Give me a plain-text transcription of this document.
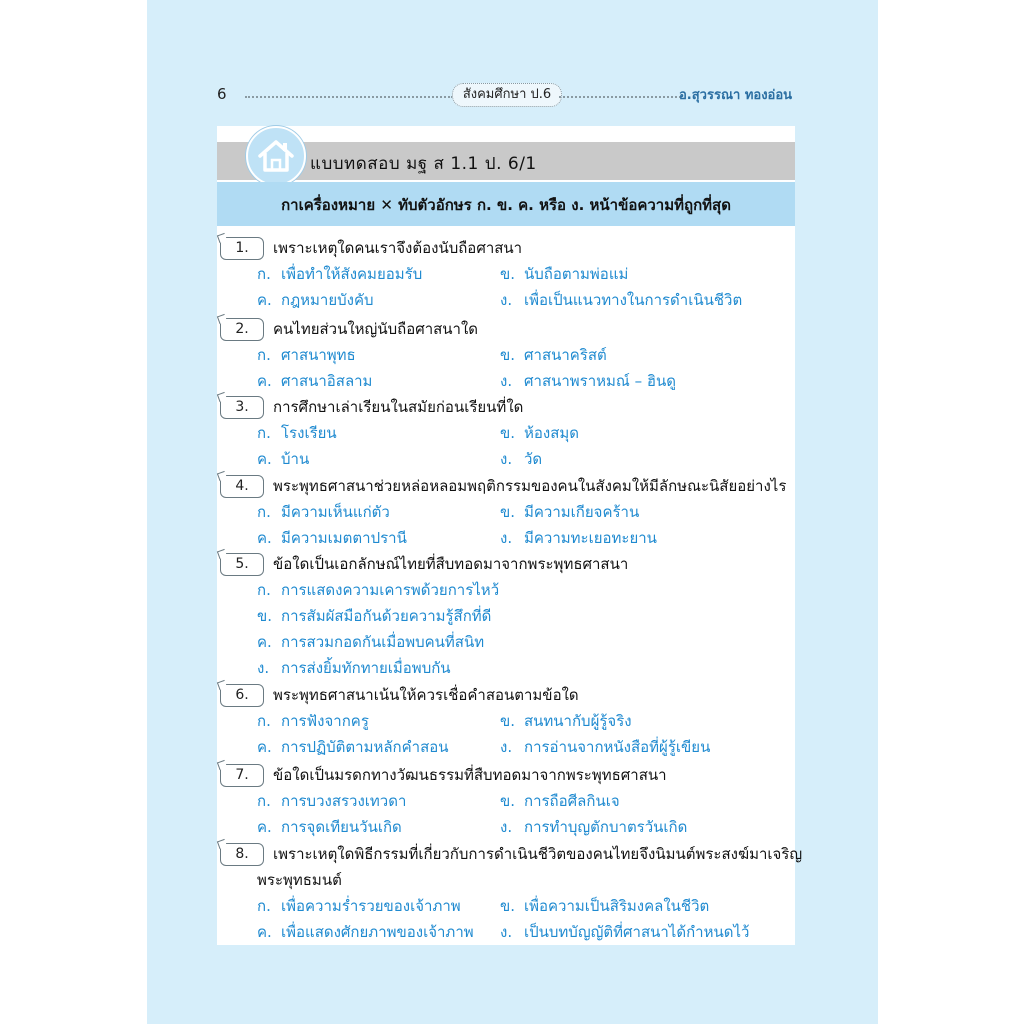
6	สังคมศึกษา ป.6	อ.สุวรรณา ทองอ่อน
แบบทดสอบ มฐ ส 1.1 ป. 6/1
กาเครื่องหมาย ✕ ทับตัวอักษร ก. ข. ค. หรือ ง. หน้าข้อความที่ถูกที่สุด
1.	เพราะเหตุใดคนเราจึงต้องนับถือศาสนา
ก. เพื่อทำให้สังคมยอมรับ	ข. นับถือตามพ่อแม่
ค. กฎหมายบังคับ	ง. เพื่อเป็นแนวทางในการดำเนินชีวิต
2.	คนไทยส่วนใหญ่นับถือศาสนาใด
ก. ศาสนาพุทธ	ข. ศาสนาคริสต์
ค. ศาสนาอิสลาม	ง. ศาสนาพราหมณ์ – ฮินดู
3.	การศึกษาเล่าเรียนในสมัยก่อนเรียนที่ใด
ก. โรงเรียน	ข. ห้องสมุด
ค. บ้าน	ง. วัด
4.	พระพุทธศาสนาช่วยหล่อหลอมพฤติกรรมของคนในสังคมให้มีลักษณะนิสัยอย่างไร
ก. มีความเห็นแก่ตัว	ข. มีความเกียจคร้าน
ค. มีความเมตตาปรานี	ง. มีความทะเยอทะยาน
5.	ข้อใดเป็นเอกลักษณ์ไทยที่สืบทอดมาจากพระพุทธศาสนา
ก. การแสดงความเคารพด้วยการไหว้
ข. การสัมผัสมือกันด้วยความรู้สึกที่ดี
ค. การสวมกอดกันเมื่อพบคนที่สนิท
ง. การส่งยิ้มทักทายเมื่อพบกัน
6.	พระพุทธศาสนาเน้นให้ควรเชื่อคำสอนตามข้อใด
ก. การฟังจากครู	ข. สนทนากับผู้รู้จริง
ค. การปฏิบัติตามหลักคำสอน	ง. การอ่านจากหนังสือที่ผู้รู้เขียน
7.	ข้อใดเป็นมรดกทางวัฒนธรรมที่สืบทอดมาจากพระพุทธศาสนา
ก. การบวงสรวงเทวดา	ข. การถือศีลกินเจ
ค. การจุดเทียนวันเกิด	ง. การทำบุญตักบาตรวันเกิด
8.	เพราะเหตุใดพิธีกรรมที่เกี่ยวกับการดำเนินชีวิตของคนไทยจึงนิมนต์พระสงฆ์มาเจริญ
พระพุทธมนต์
ก. เพื่อความร่ำรวยของเจ้าภาพ	ข. เพื่อความเป็นสิริมงคลในชีวิต
ค. เพื่อแสดงศักยภาพของเจ้าภาพ ง. เป็นบทบัญญัติที่ศาสนาได้กำหนดไว้
